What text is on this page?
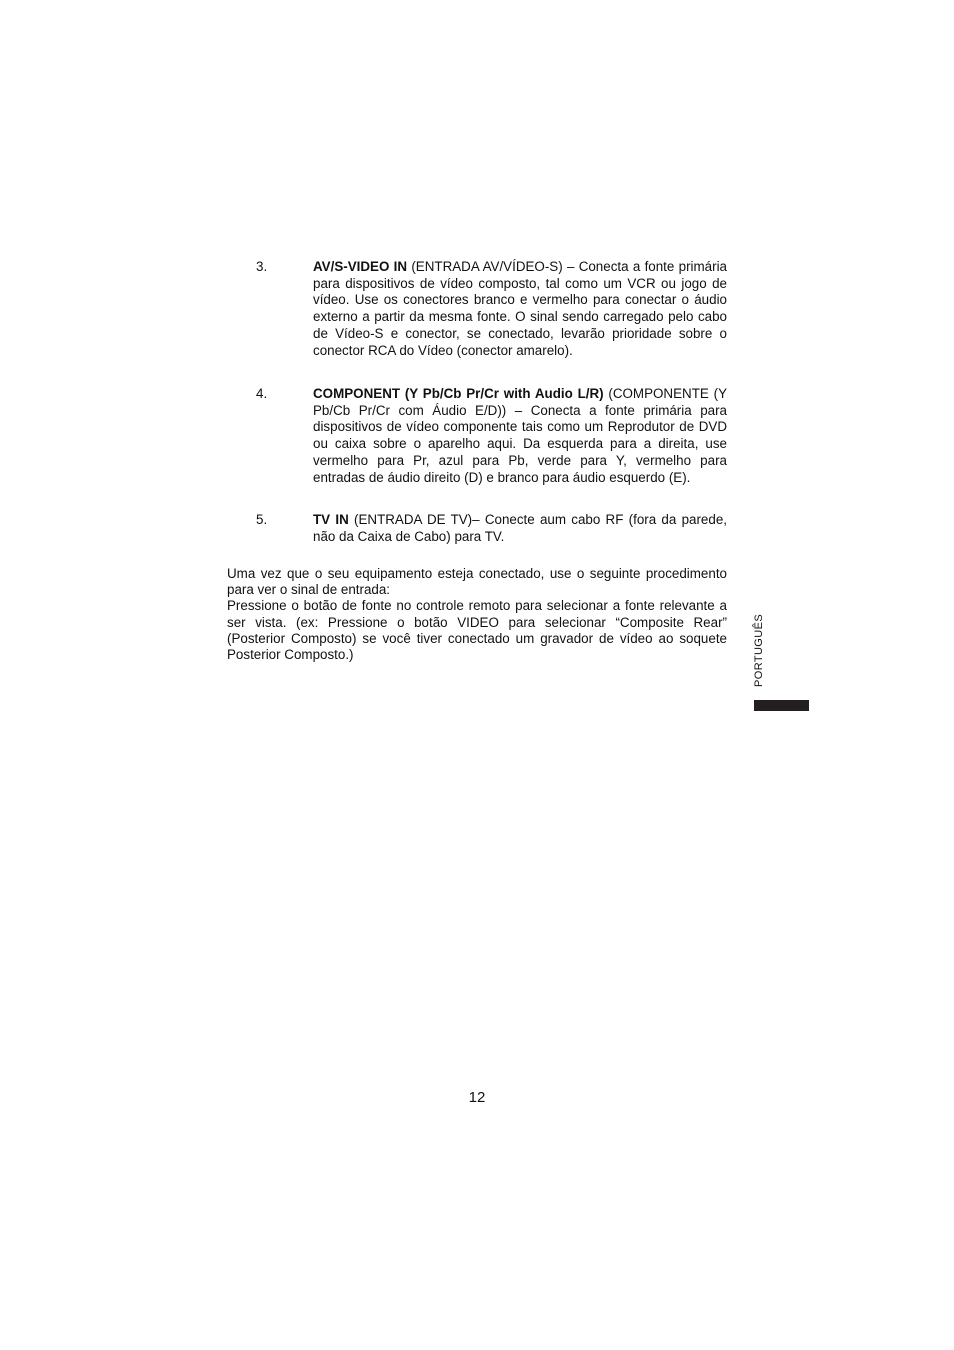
3.	AV/S-VIDEO IN (ENTRADA AV/VÍDEO-S) – Conecta a fonte primária para dispositivos de vídeo composto, tal como um VCR ou jogo de vídeo. Use os conectores branco e vermelho para conectar o áudio externo a partir da mesma fonte. O sinal sendo carregado pelo cabo de Vídeo-S e conector, se conectado, levarão prioridade sobre o conector RCA do Vídeo (conector amarelo).
4.	COMPONENT (Y Pb/Cb Pr/Cr with Audio L/R) (COMPONENTE (Y Pb/Cb Pr/Cr com Áudio E/D)) – Conecta a fonte primária para dispositivos de vídeo componente tais como um Reprodutor de DVD ou caixa sobre o aparelho aqui. Da esquerda para a direita, use vermelho para Pr, azul para Pb, verde para Y, vermelho para entradas de áudio direito (D) e branco para áudio esquerdo (E).
5.	TV IN (ENTRADA DE TV)– Conecte aum cabo RF (fora da parede, não da Caixa de Cabo) para TV.

Uma vez que o seu equipamento esteja conectado, use o seguinte procedimento para ver o sinal de entrada:

Pressione o botão de fonte no controle remoto para selecionar a fonte relevante a ser vista. (ex: Pressione o botão VIDEO para selecionar “Composite Rear” (Posterior Composto) se você tiver conectado um gravador de vídeo ao soquete Posterior Composto.)	PORTUGUÊS
12
